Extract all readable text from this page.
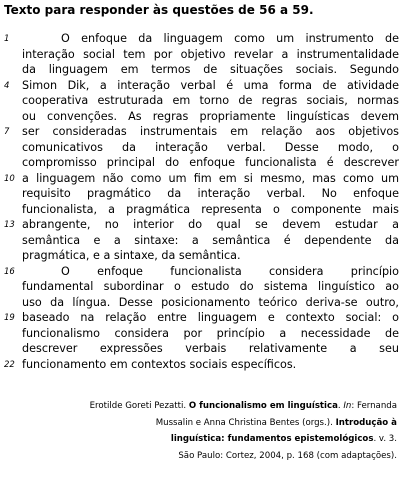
Texto para responder às questões de 56 a 59.
1	O enfoque da linguagem como um instrumento de
interação social tem por objetivo revelar a instrumentalidade
da linguagem em termos de situações sociais. Segundo
4	Simon Dik, a interação verbal é uma forma de atividade
cooperativa estruturada em torno de regras sociais, normas
ou convenções. As regras propriamente linguísticas devem
7	ser consideradas instrumentais em relação aos objetivos
comunicativos da interação verbal. Desse modo, o
compromisso principal do enfoque funcionalista é descrever
10 a linguagem não como um fim em si mesmo, mas como um
requisito pragmático da interação verbal. No enfoque
funcionalista, a pragmática representa o componente mais
13 abrangente, no interior do qual se devem estudar a
semântica e a sintaxe: a semântica é dependente da
pragmática, e a sintaxe, da semântica.
16	O enfoque funcionalista considera princípio
fundamental subordinar o estudo do sistema linguístico ao
uso da língua. Desse posicionamento teórico deriva-se outro,
19 baseado na relação entre linguagem e contexto social: o
funcionalismo considera por princípio a necessidade de
descrever expressões verbais relativamente a seu
22 funcionamento em contextos sociais específicos.
Erotilde Goreti Pezatti. O funcionalismo em linguística. In: Fernanda
Mussalin e Anna Christina Bentes (orgs.). Introdução à
linguística: fundamentos epistemológicos. v. 3.
São Paulo: Cortez, 2004, p. 168 (com adaptações).
